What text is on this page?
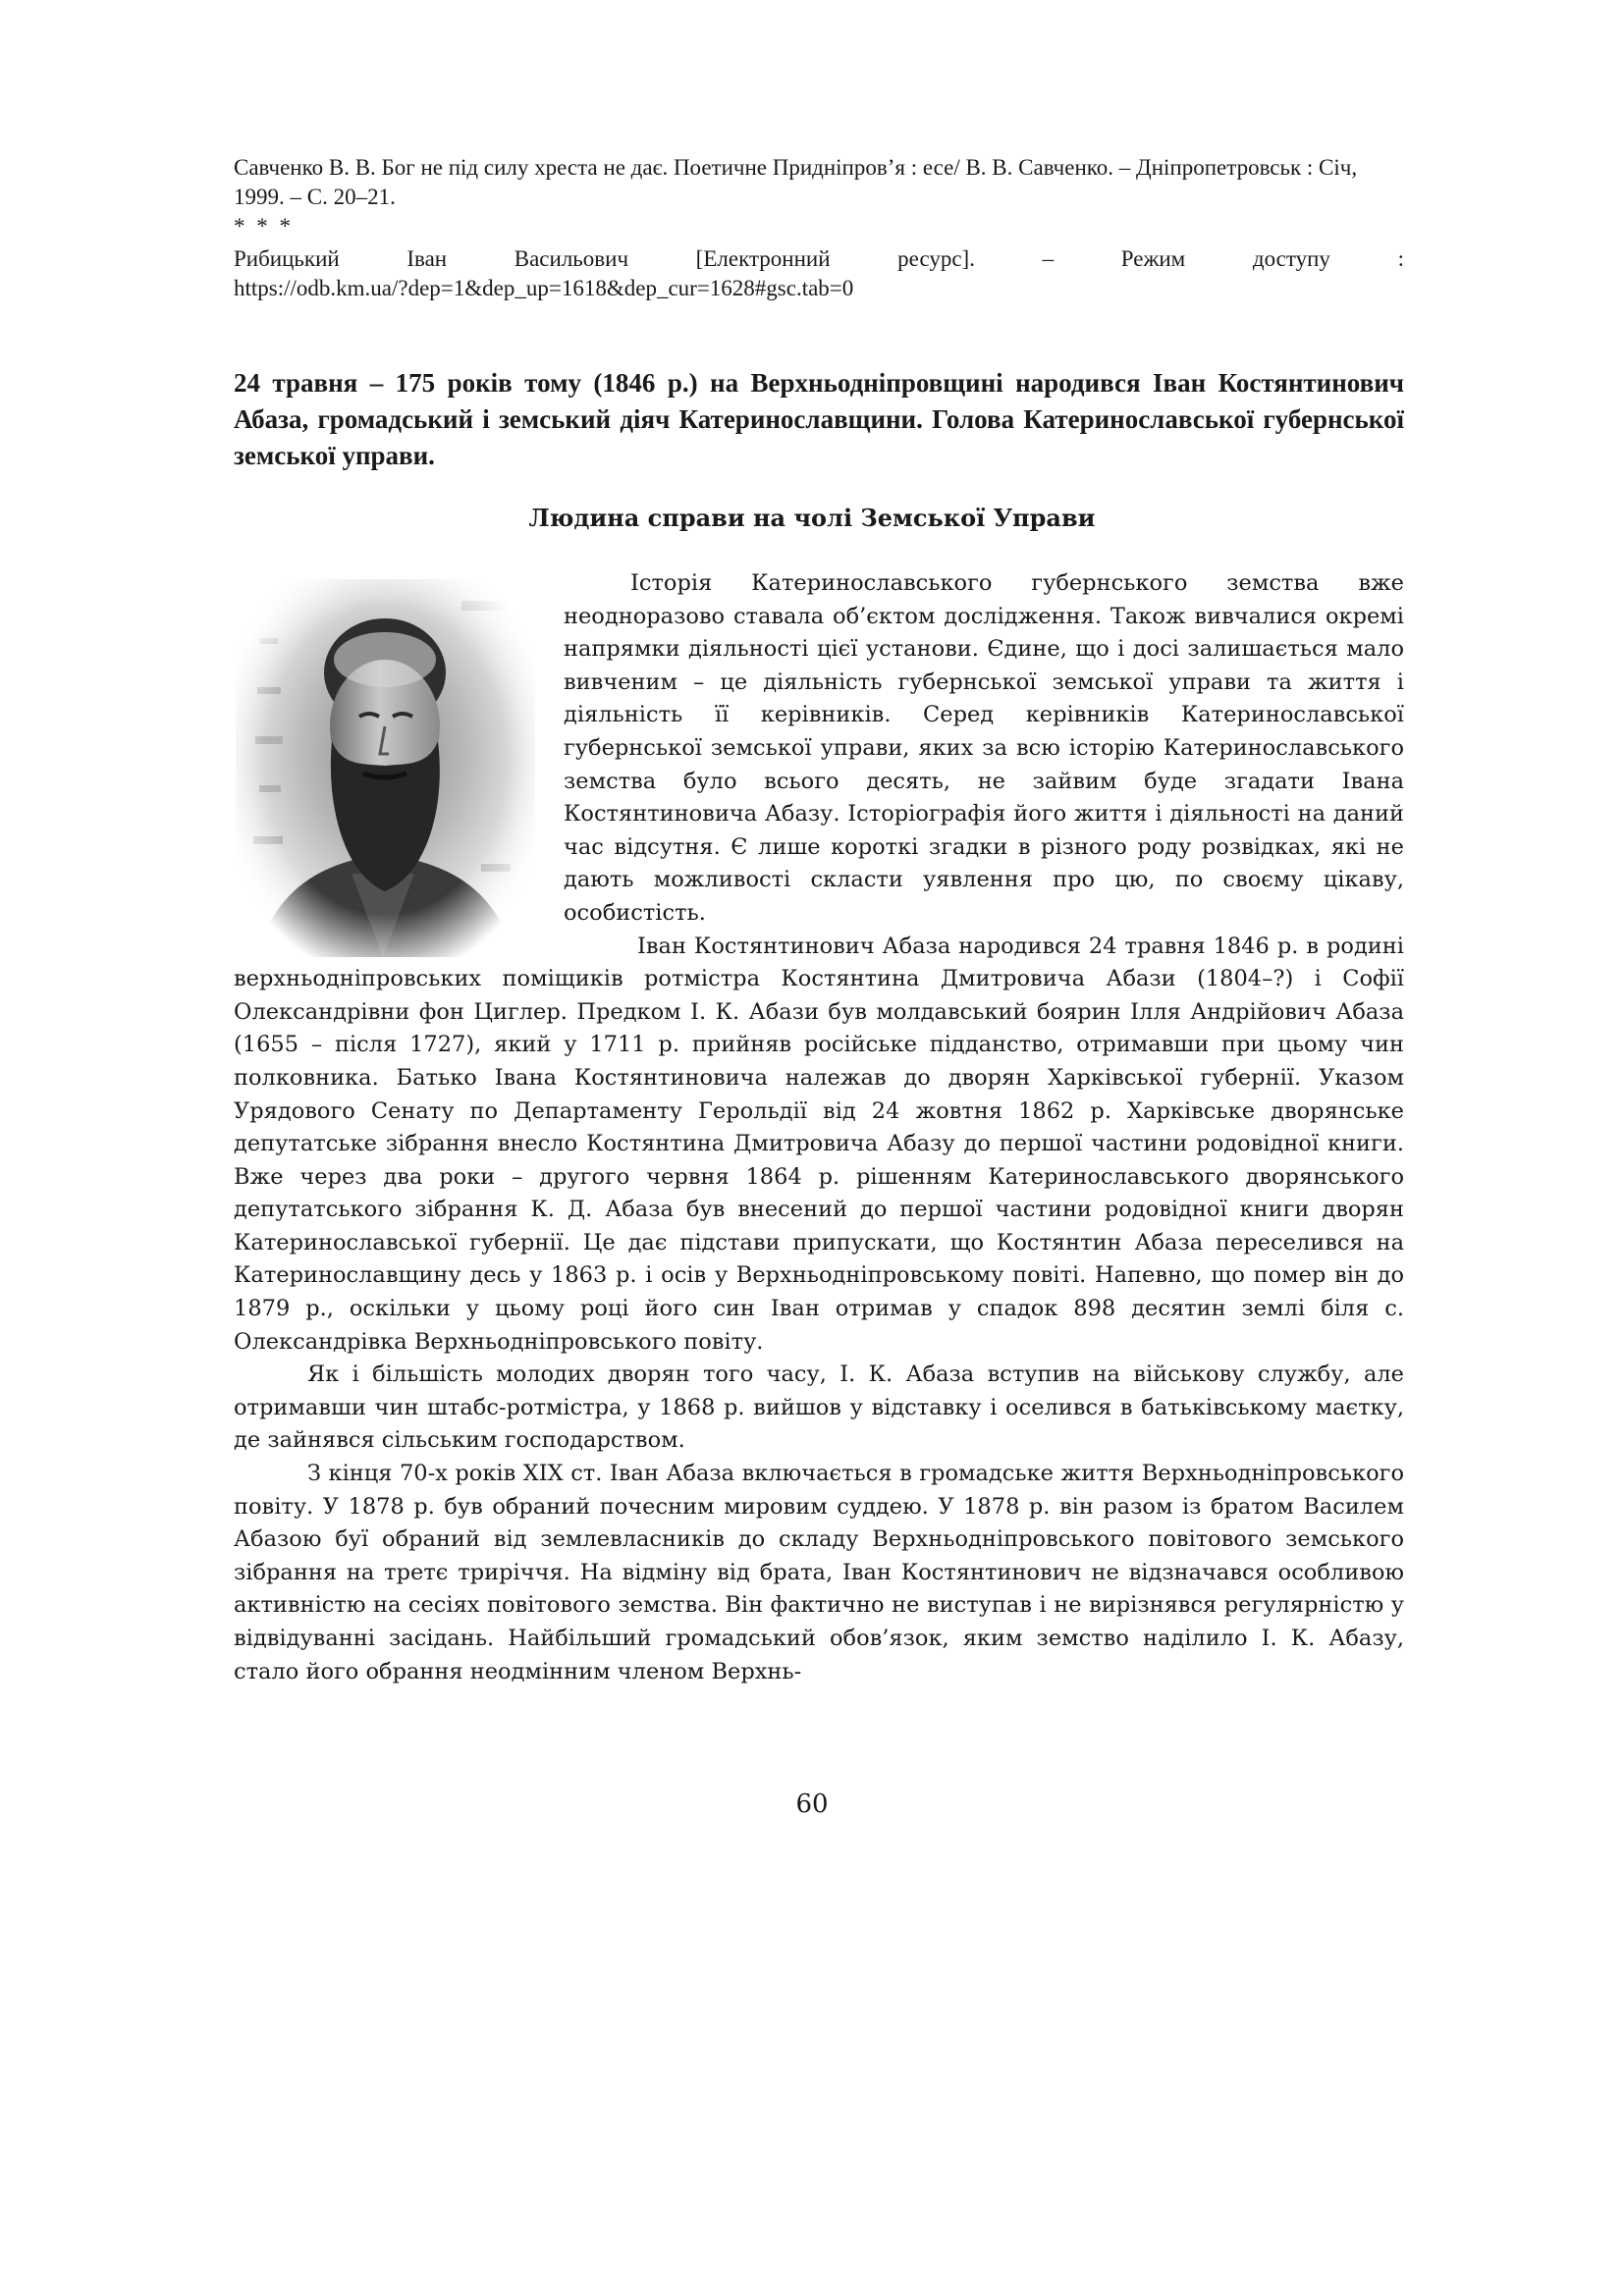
Савченко В. В. Бог не під силу хреста не дає. Поетичне Придніпров’я : есе/ В. В. Савченко. – Дніпропетровськ : Січ, 1999. – С. 20–21.

* * *

Рибицький Іван Васильович [Електронний ресурс]. – Режим доступу :

https://odb.km.ua/?dep=1&dep_up=1618&dep_cur=1628#gsc.tab=0

24 травня – 175 років тому (1846 р.) на Верхньодніпровщині народився Іван Костянтинович Абаза, громадський і земський діяч Катеринославщини. Голова Катеринославської губернської земської управи.

Людина справи на чолі Земської Управи

Історія Катеринославського губернського земства вже неодноразово ставала об’єктом дослідження. Також вивчалися окремі напрямки діяльності цієї установи. Єдине, що і досі залишається мало вивченим – це діяльність губернської земської управи та життя і діяльність її керівників. Серед керівників Катеринославської губернської земської управи, яких за всю історію Катеринославського земства було всього десять, не зайвим буде згадати Івана Костянтиновича Абазу. Історіографія його життя і діяльності на даний час відсутня. Є лише короткі згадки в різного роду розвідках, які не дають можливості скласти уявлення про цю, по своєму цікаву, особистість.

Іван Костянтинович Абаза народився 24 травня 1846 р. в родині верхньодніпровських поміщиків ротмістра Костянтина Дмитровича Абази (1804–?) і Софії Олександрівни фон Циглер. Предком І. К. Абази був молдавський боярин Ілля Андрійович Абаза (1655 – після 1727), який у 1711 р. прийняв російське підданство, отримавши при цьому чин полковника. Батько Івана Костянтиновича належав до дворян Харківської губернії. Указом Урядового Сенату по Департаменту Герольдії від 24 жовтня 1862 р. Харківське дворянське депутатське зібрання внесло Костянтина Дмитровича Абазу до першої частини родовідної книги. Вже через два роки – другого червня 1864 р. рішенням Катеринославського дворянського депутатського зібрання К. Д. Абаза був внесений до першої частини родовідної книги дворян Катеринославської губернії. Це дає підстави припускати, що Костянтин Абаза переселився на Катеринославщину десь у 1863 р. і осів у Верхньодніпровському повіті. Напевно, що помер він до 1879 р., оскільки у цьому році його син Іван отримав у спадок 898 десятин землі біля с. Олександрівка Верхньодніпровського повіту.

Як і більшість молодих дворян того часу, І. К. Абаза вступив на військову службу, але отримавши чин штабс-ротмістра, у 1868 р. вийшов у відставку і оселився в батьківському маєтку, де зайнявся сільським господарством.

З кінця 70-х років XIX ст. Іван Абаза включається в громадське життя Верхньодніпровського повіту. У 1878 р. був обраний почесним мировим суддею. У 1878 р. він разом із братом Василем Абазою буї обраний від землевласників до складу Верхньодніпровського повітового земського зібрання на третє триріччя. На відміну від брата, Іван Костянтинович не відзначався особливою активністю на сесіях повітового земства. Він фактично не виступав і не вирізнявся регулярністю у відвідуванні засідань. Найбільший громадський обов’язок, яким земство наділило І. К. Абазу, стало його обрання неодмінним членом Верхнь-

60
